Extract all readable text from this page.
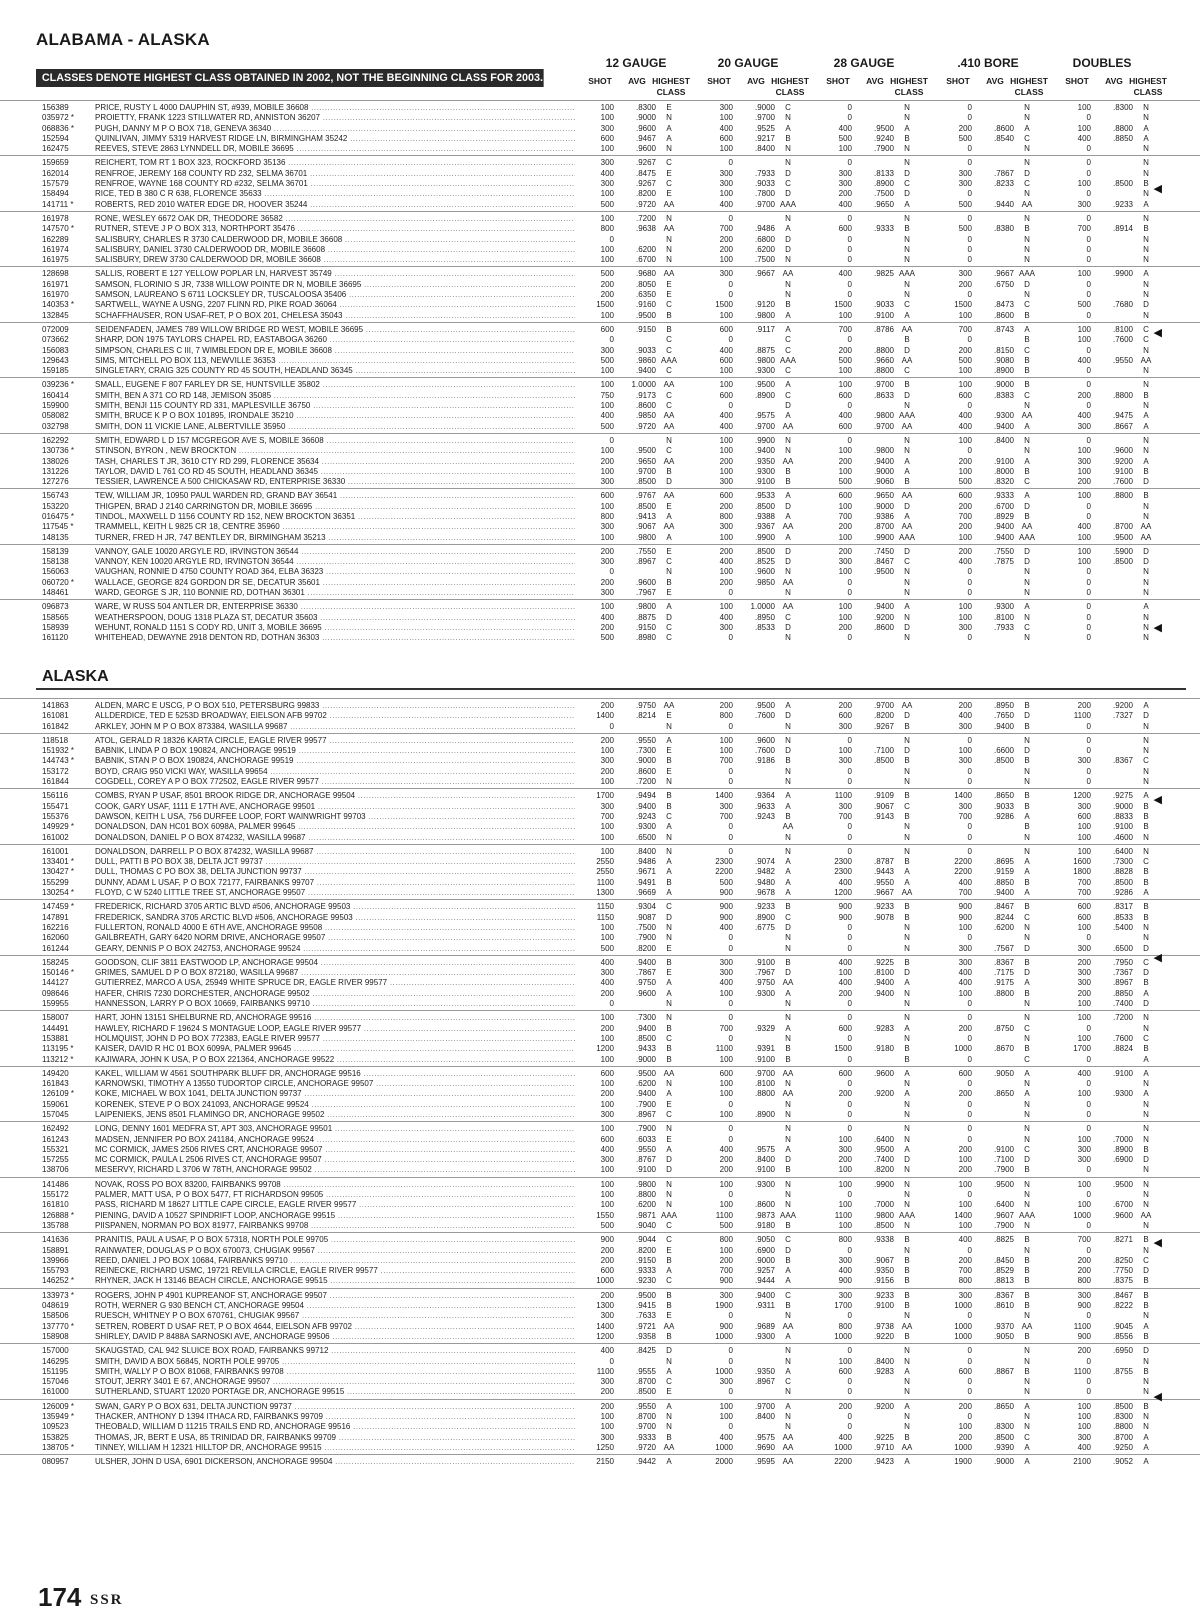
ALABAMA - ALASKA
12 GAUGE	20 GAUGE	28 GAUGE	.410 BORE	DOUBLES
CLASSES DENOTE HIGHEST CLASS OBTAINED IN 2002, NOT THE BEGINNING CLASS FOR 2003.	SHOT	AVG HIGHEST
CLASS
SHOT	AVG HIGHEST
CLASS
SHOT	AVG HIGHEST
CLASS
SHOT	AVG HIGHEST
CLASS
SHOT	AVG HIGHEST
CLASS
156389	PRICE, RUSTY L 4000 DAUPHIN ST, #939, MOBILE 36608 .....	100	.8300	E	300	.9000	C	0	N	0	N	100	.8300	N
035972 *	PROIETTY, FRANK 1223 STILLWATER RD, ANNISTON 36207 .....	100	.9000	N	100	.9700	N	0	N	0	N	0	N
068836 *	PUGH, DANNY M P O BOX 718, GENEVA 36340 .....	300	.9600	A	400	.9525	A	400	.9500	A	200	.8600	A	100	.8800	A
152594	QUINLIVAN, JIMMY 5319 HARVEST RIDGE LN, BIRMINGHAM 35242 .....	600	.9467	A	600	.9217	B	500	.9240	B	500	.8540	C	400	.8850	A
162475	REEVES, STEVE 2863 LYNNDELL DR, MOBILE 36695 .....	100	.9600	N	100	.8400	N	100	.7900	N	0	N	0	N
159659	REICHERT, TOM RT 1 BOX 323, ROCKFORD 35136 .....	300	.9267	C	0	N	0	N	0	N	0	N
162014	RENFROE, JEREMY 168 COUNTY RD 232, SELMA 36701 .....	400	.8475	E	300	.7933	D	300	.8133	D	300	.7867	D	0	N
157579	RENFROE, WAYNE 168 COUNTY RD #232, SELMA 36701 .....	300	.9267	C	300	.9033	C	300	.8900	C	300	.8233	C	100	.8500	B
158494	RICE, TED B 380 C R 638, FLORENCE 35633 .....	100	.8200	E	100	.7800	D	200	.7500	D	0	N	0	N
141711 *	ROBERTS, RED 2010 WATER EDGE DR, HOOVER 35244 .....	500	.9720 AA	400	.9700 AAA	400	.9650	A	500	.9440 AA	300	.9233	A
161978	RONE, WESLEY 6672 OAK DR, THEODORE 36582 .....	100	.7200	N	0	N	0	N	0	N	0	N
147570 *	RUTNER, STEVE J P O BOX 313, NORTHPORT 35476 .....	800	.9638 AA	700	.9486	A	600	.9333	B	500	.8380	B	700	.8914	B
162289	SALISBURY, CHARLES R 3730 CALDERWOOD DR, MOBILE 36608 .....	0	N	200	.6800	D	0	N	0	N	0	N
161974	SALISBURY, DANIEL 3730 CALDERWOOD DR, MOBILE 36608 .....	100	.6200	N	200	.6200	D	0	N	0	N	0	N
161975	SALISBURY, DREW 3730 CALDERWOOD DR, MOBILE 36608 .....	100	.6700	N	100	.7500	N	0	N	0	N	0	N
128698	SALLIS, ROBERT E 127 YELLOW POPLAR LN, HARVEST 35749 .....	500	.9680 AA	300	.9667 AA	400	.9825 AAA	300	.9667 AAA	100	.9900	A
161971	SAMSON, FLORINIO S JR, 7338 WILLOW POINTE DR N, MOBILE 36695 .....	200	.8050	E	0	N	0	N	200	.6750	D	0	N
161970	SAMSON, LAUREANO S 6711 LOCKSLEY DR, TUSCALOOSA 35406 .....	200	.6350	E	0	N	0	N	0	N	0	N
140353 *	SARTWELL, WAYNE A USNG, 2207 FLINN RD, PIKE ROAD 36064 .....	1500	.9160	C	1500	.9120	B	1500	.9033	C	1500	.8473	C	500	.7680	D
132845	SCHAFFHAUSER, RON USAF-RET, P O BOX 201, CHELESA 35043 .....	100	.9500	B	100	.9800	A	100	.9100	A	100	.8600	B	0	N
072009	SEIDENFADEN, JAMES 789 WILLOW BRIDGE RD WEST, MOBILE 36695 .....	600	.9150	B	600	.9117	A	700	.8786 AA	700	.8743	A	100	.8100	C
073662	SHARP, DON 1975 TAYLORS CHAPEL RD, EASTABOGA 36260 .....	0	C	0	C	0	B	0	B	100	.7600	C
156083	SIMPSON, CHARLES C III, 7 WIMBLEDON DR E, MOBILE 36608 .....	300	.9033	C	400	.8875	C	200	.8800	D	200	.8150	C	0	N
129643	SIMS, MITCHELL PO BOX 113, NEWVILLE 36353 .....	500	.9860 AAA	600	.9800 AAA	500	.9660 AA	500	.9080	B	400	.9550 AA
159185	SINGLETARY, CRAIG 325 COUNTY RD 45 SOUTH, HEADLAND 36345 .....	100	.9400	C	100	.9300	C	100	.8800	C	100	.8900	B	0	N
039236 *	SMALL, EUGENE F 807 FARLEY DR SE, HUNTSVILLE 35802 .....	100	1.0000 AA	100	.9500	A	100	.9700	B	100	.9000	B	0	N
160414	SMITH, BEN A 371 CO RD 148, JEMISON 35085 .....	750	.9173	C	600	.8900	C	600	.8633	D	600	.8383	C	200	.8800	B
159900	SMITH, BENJI 115 COUNTY RD 331, MAPLESVILLE 36750 .....	100	.8600	C	0	D	0	N	0	N	0	N
058082	SMITH, BRUCE K P O BOX 101895, IRONDALE 35210 .....	400	.9850 AA	400	.9575	A	400	.9800 AAA	400	.9300 AA	400	.9475	A
032798	SMITH, DON 11 VICKIE LANE, ALBERTVILLE 35950 .....	500	.9720 AA	400	.9700 AA	600	.9700 AA	400	.9400	A	300	.8667	A
162292	SMITH, EDWARD L D 157 MCGREGOR AVE S, MOBILE 36608 .....	0	N	100	.9900	N	0	N	100	.8400	N	0	N
130736 *	STINSON, BYRON , NEW BROCKTON .....	100	.9500	C	100	.9400	N	100	.9800	N	0	N	100	.9600	N
138026	TASH, CHARLES T JR, 3610 CTY RD 299, FLORENCE 35634 .....	200	.9650 AA	200	.9350 AA	200	.9400	A	200	.9100	A	300	.9200	A
131226	TAYLOR, DAVID L 761 CO RD 45 SOUTH, HEADLAND 36345 .....	100	.9700	B	100	.9300	B	100	.9000	A	100	.8000	B	100	.9100	B
127276	TESSIER, LAWRENCE A 500 CHICKASAW RD, ENTERPRISE 36330 .....	300	.8500	D	300	.9100	B	500	.9060	B	500	.8320	C	200	.7600	D
156743	TEW, WILLIAM JR, 10950 PAUL WARDEN RD, GRAND BAY 36541 .....	600	.9767 AA	600	.9533	A	600	.9650 AA	600	.9333	A	100	.8800	B
153220	THIGPEN, BRAD J 2140 CARRINGTON DR, MOBILE 36695 .....	100	.8500	E	200	.8500	D	100	.9000	D	200	.6700	D	0	N
016475 *	TINDOL, MAXWELL D 1156 COUNTY RD 152, NEW BROCKTON 36351 .....	800	.9413	A	800	.9388	A	700	.9386	A	700	.8929	B	0	N
117545 *	TRAMMELL, KEITH L 9825 CR 18, CENTRE 35960 .....	300	.9067 AA	300	.9367 AA	200	.8700 AA	200	.9400 AA	400	.8700 AA
148135	TURNER, FRED H JR, 747 BENTLEY DR, BIRMINGHAM 35213 .....	100	.9800	A	100	.9900	A	100	.9900 AAA	100	.9400 AAA	100	.9500 AA
158139	VANNOY, GALE 10020 ARGYLE RD, IRVINGTON 36544 .....	200	.7550	E	200	.8500	D	200	.7450	D	200	.7550	D	100	.5900	D
158138	VANNOY, KEN 10020 ARGYLE RD, IRVINGTON 36544 .....	300	.8967	C	400	.8525	D	300	.8467	C	400	.7875	D	100	.8500	D
156063	VAUGHAN, RONNIE D 4750 COUNTY ROAD 364, ELBA 36323 .....	0	N	100	.9600	N	100	.9500	N	0	N	0	N
060720 *	WALLACE, GEORGE 824 GORDON DR SE, DECATUR 35601 .....	200	.9600	B	200	.9850 AA	0	N	0	N	0	N
148461	WARD, GEORGE S JR, 110 BONNIE RD, DOTHAN 36301 .....	300	.7967	E	0	N	0	N	0	N	0	N
096873	WARE, W RUSS 504 ANTLER DR, ENTERPRISE 36330 .....	100	.9800	A	100	1.0000 AA	100	.9400	A	100	.9300	A	0	A
158565	WEATHERSPOON, DOUG 1318 PLAZA ST, DECATUR 35603 .....	400	.8875	D	400	.8950	C	100	.9200	N	100	.8100	N	0	N
158939	WEHUNT, RONALD 1151 S CODY RD, UNIT 3, MOBILE 36695 .....	200	.9150	C	300	.8533	D	200	.8600	D	300	.7933	C	0	N
161120	WHITEHEAD, DEWAYNE 2918 DENTON RD, DOTHAN 36303 .....	500	.8980	C	0	N	0	N	0	N	0	N
ALASKA
141863	ALDEN, MARC E USCG, P O BOX 510, PETERSBURG 99833 .....	200	.9750 AA	200	.9500	A	200	.9700 AA	200	.8950	B	200	.9200	A
161081	ALLDERDICE, TED E 5253D BROADWAY, EIELSON AFB 99702 .....	1400	.8214	E	800	.7600	D	600	.8200	D	400	.7650	D	1100	.7327	D
161842	ARKLEY, JOHN M P O BOX 873384, WASILLA 99687 .....	0	N	0	N	300	.9267	B	300	.9400	B	0	N
118518	ATOL, GERALD R 18326 KARTA CIRCLE, EAGLE RIVER 99577 .....	200	.9550	A	100	.9600	N	0	N	0	N	0	N
151932 *	BABNIK, LINDA P O BOX 190824, ANCHORAGE 99519 .....	100	.7300	E	100	.7600	D	100	.7100	D	100	.6600	D	0	N
144743 *	BABNIK, STAN P O BOX 190824, ANCHORAGE 99519 .....	300	.9000	B	700	.9186	B	300	.8500	B	300	.8500	B	300	.8367	C
153172	BOYD, CRAIG 950 VICKI WAY, WASILLA 99654 .....	200	.8600	E	0	N	0	N	0	N	0	N
161844	COGDELL, COREY A P O BOX 772502, EAGLE RIVER 99577 .....	100	.7200	N	0	N	0	N	0	N	0	N
156116	COMBS, RYAN P USAF, 8501 BROOK RIDGE DR, ANCHORAGE 99504 .....	1700	.9494	B	1400	.9364	A	1100	.9109	B	1400	.8650	B	1200	.9275	A
155471	COOK, GARY USAF, 1111 E 17TH AVE, ANCHORAGE 99501 .....	300	.9400	B	300	.9633	A	300	.9067	C	300	.9033	B	300	.9000	B
155376	DAWSON, KEITH L USA, 756 DURFEE LOOP, FORT WAINWRIGHT 99703 .....	700	.9243	C	700	.9243	B	700	.9143	B	700	.9286	A	600	.8833	B
149929 *	DONALDSON, DAN HC01 BOX 6098A, PALMER 99645 .....	100	.9300	A	0	AA	0	N	0	B	100	.9100	B
161002	DONALDSON, DANIEL P O BOX 874232, WASILLA 99687 .....	100	.6500	N	0	N	0	N	0	N	100	.4600	N
161001	DONALDSON, DARRELL P O BOX 874232, WASILLA 99687 .....	100	.8400	N	0	N	0	N	0	N	100	.6400	N
133401 *	DULL, PATTI B PO BOX 38, DELTA JCT 99737 .....	2550	.9486	A	2300	.9074	A	2300	.8787	B	2200	.8695	A	1600	.7300	C
130427 *	DULL, THOMAS C PO BOX 38, DELTA JUNCTION 99737 .....	2550	.9671	A	2200	.9482	A	2300	.9443	A	2200	.9159	A	1800	.8828	B
155299	DUNNY, ADAM L USAF, P O BOX 72177, FAIRBANKS 99707 .....	1100	.9491	B	500	.9480	A	400	.9550	A	400	.8850	B	700	.8500	B
130254 *	FLOYD, C W 5240 LITTLE TREE ST, ANCHORAGE 99507 .....	1300	.9669	A	900	.9678	A	1200	.9667 AA	700	.9400	A	700	.9286	A
147459 *	FREDERICK, RICHARD 3705 ARTIC BLVD #506, ANCHORAGE 99503 .....	1150	.9304	C	900	.9233	B	900	.9233	B	900	.8467	B	600	.8317	B
147891	FREDERICK, SANDRA 3705 ARCTIC BLVD #506, ANCHORAGE 99503 .....	1150	.9087	D	900	.8900	C	900	.9078	B	900	.8244	C	600	.8533	B
162216	FULLERTON, RONALD 4000 E 6TH AVE, ANCHORAGE 99508 .....	100	.7500	N	400	.6775	D	0	N	100	.6200	N	100	.5400	N
162060	GAILBREATH, GARY 6420 NORM DRIVE, ANCHORAGE 99507 .....	100	.7900	N	0	N	0	N	0	N	0	N
161244	GEARY, DENNIS P O BOX 242753, ANCHORAGE 99524 .....	500	.8200	E	0	N	0	N	300	.7567	D	300	.6500	D
158245	GOODSON, CLIF 3811 EASTWOOD LP, ANCHORAGE 99504 .....	400	.9400	B	300	.9100	B	400	.9225	B	300	.8367	B	200	.7950	C
150146 *	GRIMES, SAMUEL D P O BOX 872180, WASILLA 99687 .....	300	.7867	E	300	.7967	D	100	.8100	D	400	.7175	D	300	.7367	D
144127	GUTIERREZ, MARCO A USA, 25949 WHITE SPRUCE DR, EAGLE RIVER 99577 .....	400	.9750	A	400	.9750 AA	400	.9400	A	400	.9175	A	300	.8967	B
098646	HAFER, CHRIS 7230 DORCHESTER, ANCHORAGE 99502 .....	200	.9600	A	100	.9300	A	200	.9400	N	100	.8800	B	200	.8850	A
159955	HANNESSON, LARRY P O BOX 10669, FAIRBANKS 99710 .....	0	N	0	N	0	N	0	N	100	.7400	D
158007	HART, JOHN 13151 SHELBURNE RD, ANCHORAGE 99516 .....	100	.7300	N	0	N	0	N	0	N	100	.7200	N
144491	HAWLEY, RICHARD F 19624 S MONTAGUE LOOP, EAGLE RIVER 99577 .....	200	.9400	B	700	.9329	A	600	.9283	A	200	.8750	C	0	N
153881	HOLMQUIST, JOHN D PO BOX 772383, EAGLE RIVER 99577 .....	100	.8500	C	0	N	0	N	0	N	100	.7600	C
113195 *	KAISER, DAVID R HC 01 BOX 6099A, PALMER 99645 .....	1200	.9433	B	1100	.9391	B	1500	.9180	B	1000	.8670	B	1700	.8824	B
113212 *	KAJIWARA, JOHN K USA, P O BOX 221364, ANCHORAGE 99522 .....	100	.9000	B	100	.9100	B	0	B	0	C	0	A
149420	KAKEL, WILLIAM W 4561 SOUTHPARK BLUFF DR, ANCHORAGE 99516 .....	600	.9500 AA	600	.9700 AA	600	.9600	A	600	.9050	A	400	.9100	A
161843	KARNOWSKI, TIMOTHY A 13550 TUDORTOP CIRCLE, ANCHORAGE 99507 .....	100	.6200	N	100	.8100	N	0	N	0	N	0	N
126109 *	KOKE, MICHAEL W BOX 1041, DELTA JUNCTION 99737 .....	200	.9400	A	100	.8800 AA	200	.9200	A	200	.8650	A	100	.9300	A
159061	KORENEK, STEVE P O BOX 241093, ANCHORAGE 99524 .....	100	.7900	E	0	N	0	N	0	N	0	N
157045	LAIPENIEKS, JENS 8501 FLAMINGO DR, ANCHORAGE 99502 .....	300	.8967	C	100	.8900	N	0	N	0	N	0	N
162492	LONG, DENNY 1601 MEDFRA ST, APT 303, ANCHORAGE 99501 .....	100	.7900	N	0	N	0	N	0	N	0	N
161243	MADSEN, JENNIFER PO BOX 241184, ANCHORAGE 99524 .....	600	.6033	E	0	N	100	.6400	N	0	N	100	.7000	N
155321	MC CORMICK, JAMES 2506 RIVES CRT, ANCHORAGE 99507 .....	400	.9550	A	400	.9575	A	300	.9500	A	200	.9100	C	300	.8900	B
157255	MC CORMICK, PAULA L 2506 RIVES CT, ANCHORAGE 99507 .....	300	.8767	D	200	.8400	D	200	.7400	D	100	.7100	D	300	.6900	D
138706	MESERVY, RICHARD L 3706 W 78TH, ANCHORAGE 99502 .....	100	.9100	D	200	.9100	B	100	.8200	N	200	.7900	B	0	N
141486	NOVAK, ROSS PO BOX 83200, FAIRBANKS 99708 .....	100	.9800	N	100	.9300	N	100	.9900	N	100	.9500	N	100	.9500	N
155172	PALMER, MATT USA, P O BOX 5477, FT RICHARDSON 99505 .....	100	.8800	N	0	N	0	N	0	N	0	N
161810	PASS, RICHARD M 18627 LITTLE CAPE CIRCLE, EAGLE RIVER 99577 .....	100	.6200	N	100	.8600	N	100	.7000	N	100	.6400	N	100	.6700	N
126888 *	PIENING, DAVID A 10527 SPINDRIFT LOOP, ANCHORAGE 99515 .....	1550	.9871 AAA	1100	.9873 AAA	1100	.9800 AAA	1400	.9607 AAA	1000	.9600 AA
135788	PIISPANEN, NORMAN PO BOX 81977, FAIRBANKS 99708 .....	500	.9040	C	500	.9180	B	100	.8500	N	100	.7900	N	0	N
141636	PRANITIS, PAUL A USAF, P O BOX 57318, NORTH POLE 99705 .....	900	.9044	C	800	.9050	C	800	.9338	B	400	.8825	B	700	.8271	B
158891	RAINWATER, DOUGLAS P O BOX 670073, CHUGIAK 99567 .....	200	.8200	E	100	.6900	D	0	N	0	N	0	N
139966	REED, DANIEL J PO BOX 10684, FAIRBANKS 99710 .....	200	.9150	B	200	.9000	B	300	.9067	B	200	.8450	B	200	.8250	C
155793	REINECKE, RICHARD USMC, 19721 REVILLA CIRCLE, EAGLE RIVER 99577 .....	600	.9333	A	700	.9257	A	400	.9350	B	700	.8529	B	200	.7750	D
146252 *	RHYNER, JACK H 13146 BEACH CIRCLE, ANCHORAGE 99515 .....	1000	.9230	C	900	.9444	A	900	.9156	B	800	.8813	B	800	.8375	B
133973 *	ROGERS, JOHN P 4901 KUPREANOF ST, ANCHORAGE 99507 .....	200	.9500	B	300	.9400	C	300	.9233	B	300	.8367	B	300	.8467	B
048619	ROTH, WERNER G 930 BENCH CT, ANCHORAGE 99504 .....	1300	.9415	B	1900	.9311	B	1700	.9100	B	1000	.8610	B	900	.8222	B
158506	RUESCH, WHITNEY P O BOX 670761, CHUGIAK 99567 .....	300	.7633	E	0	N	0	N	0	N	0	N
137770 *	SETREN, ROBERT D USAF RET, P O BOX 4644, EIELSON AFB 99702 .....	1400	.9721 AA	900	.9689 AA	800	.9738 AA	1000	.9370 AA	1100	.9045	A
158908	SHIRLEY, DAVID P 8488A SARNOSKI AVE, ANCHORAGE 99506 .....	1200	.9358	B	1000	.9300	A	1000	.9220	B	1000	.9050	B	900	.8556	B
157000	SKAUGSTAD, CAL 942 SLUICE BOX ROAD, FAIRBANKS 99712 .....	400	.8425	D	0	N	0	N	0	N	200	.6950	D
146295	SMITH, DAVID A BOX 56845, NORTH POLE 99705 .....	0	N	0	N	100	.8400	N	0	N	0	N
151195	SMITH, WALLY P O BOX 81068, FAIRBANKS 99708 .....	1100	.9555	A	1000	.9350	A	600	.9283	A	600	.8867	B	1100	.8755	B
157046	STOUT, JERRY 3401 E 67, ANCHORAGE 99507 .....	300	.8700	C	300	.8967	C	0	N	0	N	0	N
161000	SUTHERLAND, STUART 12020 PORTAGE DR, ANCHORAGE 99515 .....	200	.8500	E	0	N	0	N	0	N	0	N
126009 *	SWAN, GARY P O BOX 631, DELTA JUNCTION 99737 .....	200	.9550	A	100	.9700	A	200	.9200	A	200	.8650	A	100	.8500	B
135949 *	THACKER, ANTHONY D 1394 ITHACA RD, FAIRBANKS 99709 .....	100	.8700	N	100	.8400	N	0	N	0	N	100	.8300	N
109523	THEOBALD, WILLIAM D 11215 TRAILS END RD, ANCHORAGE 99516 .....	100	.9700	N	0	N	0	N	100	.8300	N	100	.8800	N
153825	THOMAS, JR, BERT E USA, 85 TRINIDAD DR, FAIRBANKS 99709 .....	300	.9333	B	400	.9575 AA	400	.9225	B	200	.8500	C	300	.8700	A
138705 *	TINNEY, WILLIAM H 12321 HILLTOP DR, ANCHORAGE 99515 .....	1250	.9720 AA	1000	.9690 AA	1000	.9710 AA	1000	.9390	A	400	.9250	A
080957	ULSHER, JOHN D USA, 6901 DICKERSON, ANCHORAGE 99504 .....	2150	.9442	A	2000	.9595 AA	2200	.9423	A	1900	.9000	A	2100	.9052	A
◀
◀
◀
◀
◀
◀
◀
174 SSR
